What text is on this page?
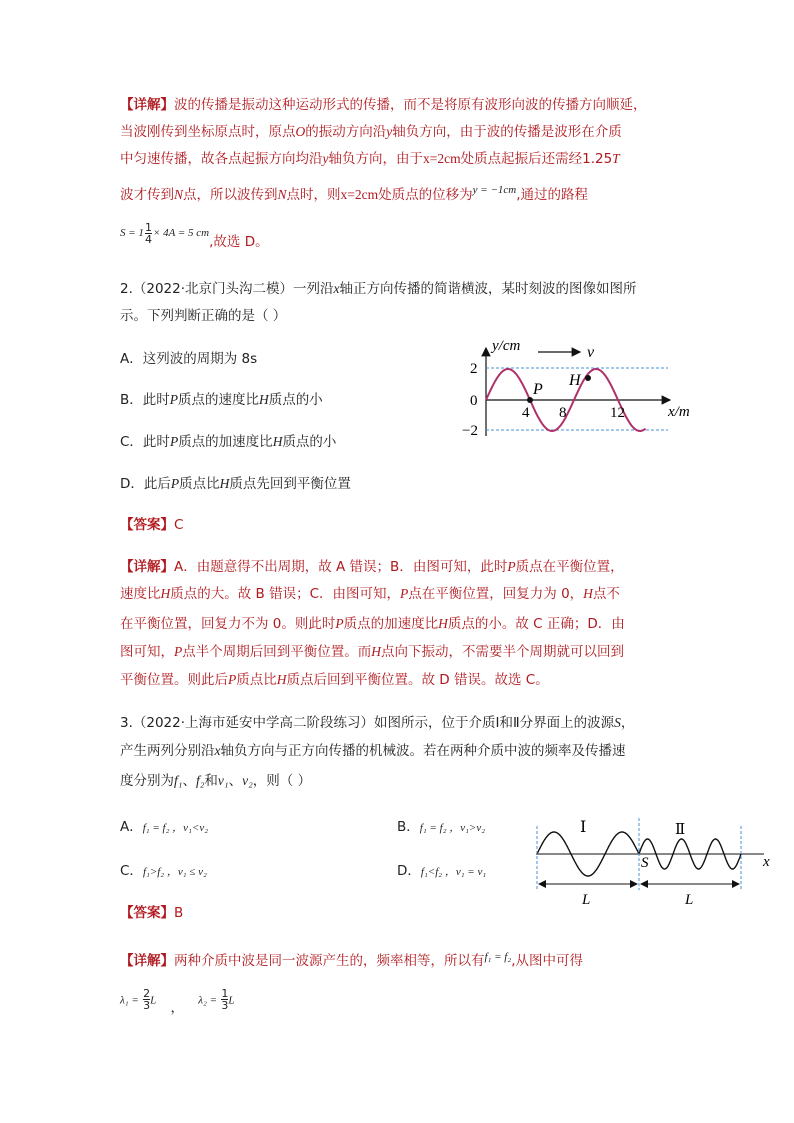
【详解】波的传播是振动这种运动形式的传播，而不是将原有波形向波的传播方向顺延，
当波刚传到坐标原点时，原点O的振动方向沿y轴负方向，由于波的传播是波形在介质
中匀速传播，故各点起振方向均沿y轴负方向，由于x=2cm处质点起振后还需经1.25T
波才传到N点，所以波传到N点时，则x=2cm处质点的位移为$^{y = -1cm}$,通过的路程
$S = 1 \frac{1}{4} \times 4A = 5$ cm,故选 D。
2.（2022·北京门头沟二模）一列沿x轴正方向传播的简谐横波，某时刻波的图像如图所
示。下列判断正确的是（ ）
A．这列波的周期为 8s
B．此时P质点的速度比H质点的小
C．此时P质点的加速度比H质点的小
D．此后P质点比H质点先回到平衡位置
v
y/cm
2
0
−2
4 8	12	x/m
P
H
【答案】C
【详解】A．由题意得不出周期，故 A 错误；B．由图可知，此时P质点在平衡位置，
速度比H质点的大。故 B 错误；C．由图可知，P点在平衡位置，回复力为 0，H点不
在平衡位置，回复力不为 0。则此时P质点的加速度比H质点的小。故 C 正确；D．由
图可知，P点半个周期后回到平衡位置。而H点向下振动，不需要半个周期就可以回到
平衡位置。则此后P质点比H质点后回到平衡位置。故 D 错误。故选 C。
3.（2022·上海市延安中学高二阶段练习）如图所示，位于介质Ⅰ和Ⅱ分界面上的波源S，
产生两列分别沿x轴负方向与正方向传播的机械波。若在两种介质中波的频率及传播速
度分别为f₁、f₂和v₁、v₂，则（ ）
A．f₁ = f₂ ，v₁<v₂	B．f₁ = f₂ ，v₁>v₂
C．f₁>f₂ ，v₁ ≤ v₂	D．f₁<f₂ ，v₁ = v₁
Ⅰ	Ⅱ
S	x
L	L
【答案】B
【详解】两种介质中波是同一波源产生的，频率相等，所以有$^{f_1 = f_2}$,从图中可得
$\lambda_1 = \frac{2}{3}$ L ， $\lambda_2 = \frac{1}{3}$ L
